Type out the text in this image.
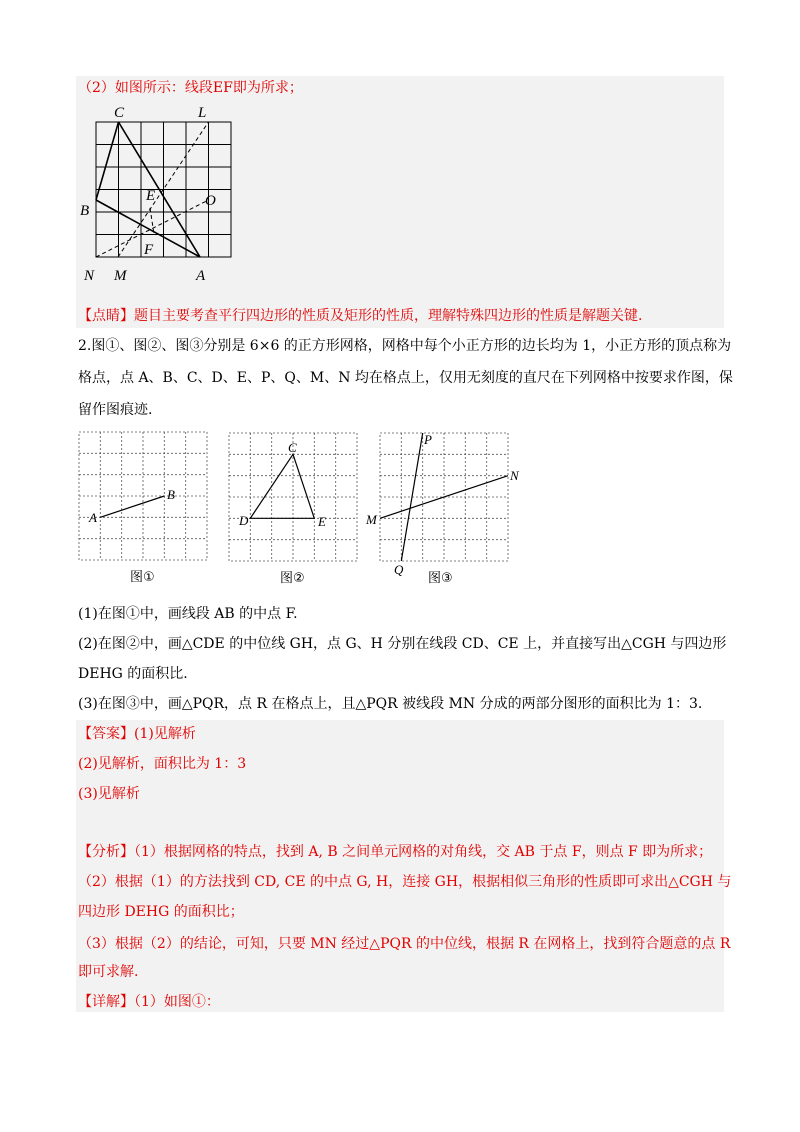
（2）如图所示：线段EF即为所求；
C	L
B
E	O
F
N M	A
【点睛】题目主要考查平行四边形的性质及矩形的性质，理解特殊四边形的性质是解题关键.
2.图①、图②、图③分别是 6×6 的正方形网格，网格中每个小正方形的边长均为 1，小正方形的顶点称为
格点，点 A、B、C、D、E、P、Q、M、N 均在格点上，仅用无刻度的直尺在下列网格中按要求作图，保
留作图痕迹.
A
B
图①
C
D	E
图②
P
N
M
Q
图③
(1)在图①中，画线段 AB 的中点 F.
(2)在图②中，画△CDE 的中位线 GH，点 G、H 分别在线段 CD、CE 上，并直接写出△CGH 与四边形
DEHG 的面积比.
(3)在图③中，画△PQR，点 R 在格点上，且△PQR 被线段 MN 分成的两部分图形的面积比为 1：3.
【答案】(1)见解析
(2)见解析，面积比为 1：3
(3)见解析
【分析】（1）根据网格的特点，找到 A, B 之间单元网格的对角线，交 AB 于点 F，则点 F 即为所求；
（2）根据（1）的方法找到 CD, CE 的中点 G, H，连接 GH，根据相似三角形的性质即可求出△CGH 与
四边形 DEHG 的面积比；
（3）根据（2）的结论，可知，只要 MN 经过△PQR 的中位线，根据 R 在网格上，找到符合题意的点 R
即可求解.
【详解】（1）如图①：
